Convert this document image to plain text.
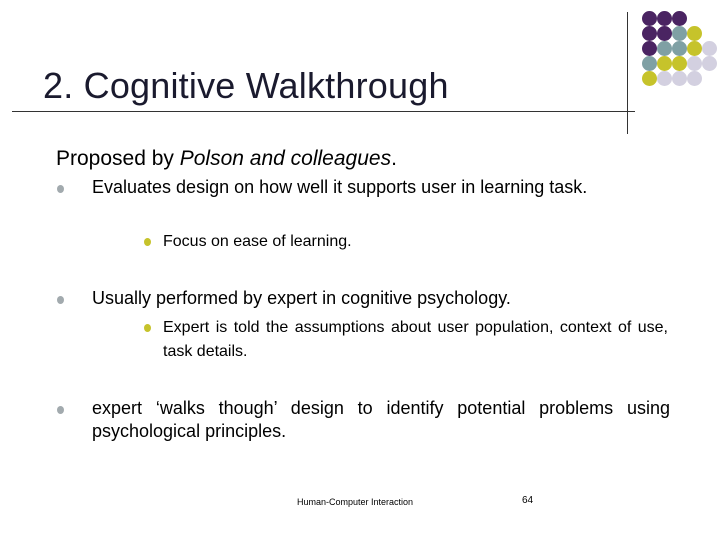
2. Cognitive Walkthrough
Proposed by Polson and colleagues.
Evaluates design on how well it supports user in learning task.
Focus on ease of learning.
Usually performed by expert in cognitive psychology.
Expert is told the assumptions about user population, context of use, task details.
expert ‘walks though’ design to identify potential problems using psychological principles.
Human-Computer Interaction	64
